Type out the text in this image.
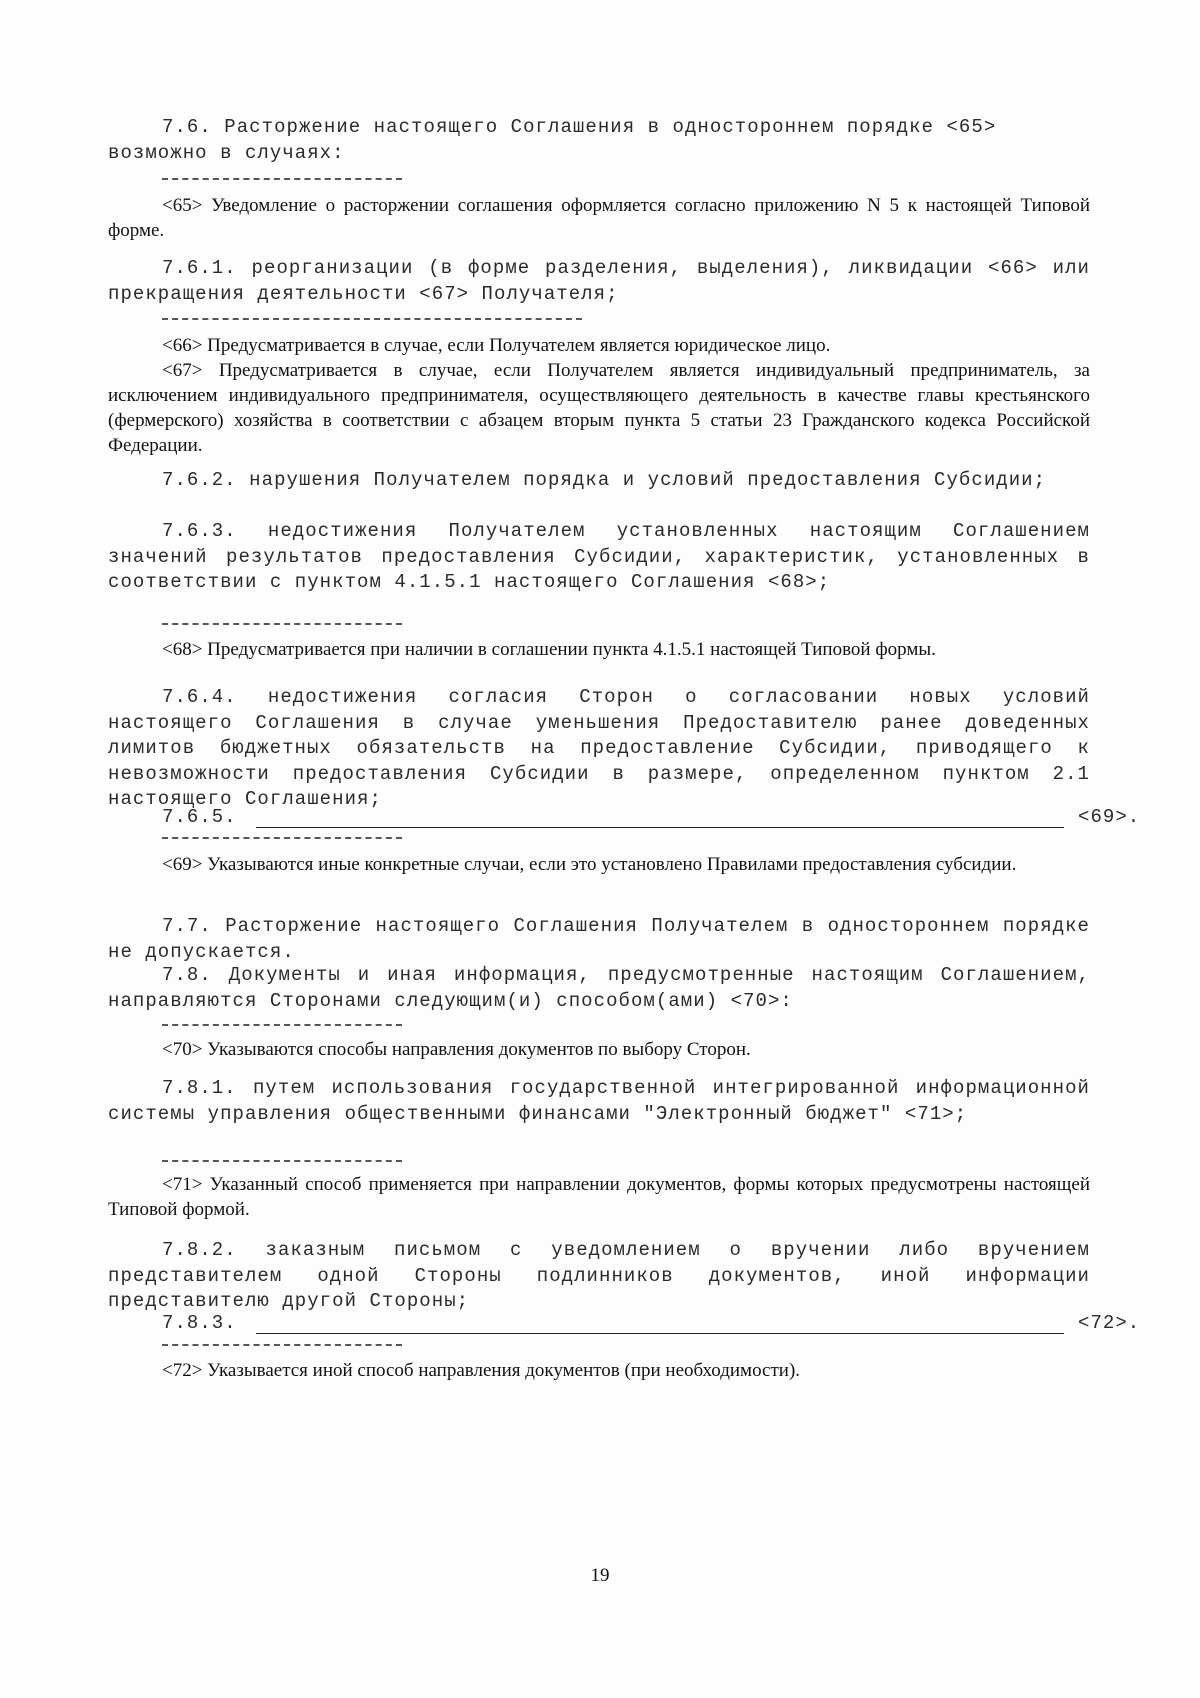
7.6. Расторжение настоящего Соглашения в одностороннем порядке <65>
возможно в случаях:

<65> Уведомление о расторжении соглашения оформляется согласно приложению N 5 к настоящей Типовой форме.

7.6.1. реорганизации (в форме разделения, выделения), ликвидации <66> или прекращения деятельности <67> Получателя;

<66> Предусматривается в случае, если Получателем является юридическое лицо.

<67> Предусматривается в случае, если Получателем является индивидуальный предприниматель, за исключением индивидуального предпринимателя, осуществляющего деятельность в качестве главы крестьянского (фермерского) хозяйства в соответствии с абзацем вторым пункта 5 статьи 23 Гражданского кодекса Российской Федерации.

7.6.2. нарушения Получателем порядка и условий предоставления Субсидии;

7.6.3. недостижения Получателем установленных настоящим Соглашением значений результатов предоставления Субсидии, характеристик, установленных в соответствии с пунктом 4.1.5.1 настоящего Соглашения <68>;

<68> Предусматривается при наличии в соглашении пункта 4.1.5.1 настоящей Типовой формы.

7.6.4. недостижения согласия Сторон о согласовании новых условий настоящего Соглашения в случае уменьшения Предоставителю ранее доведенных лимитов бюджетных обязательств на предоставление Субсидии, приводящего к невозможности предоставления Субсидии в размере, определенном пунктом 2.1 настоящего Соглашения;

7.6.5.	<69>.

<69> Указываются иные конкретные случаи, если это установлено Правилами предоставления субсидии.

7.7. Расторжение настоящего Соглашения Получателем в одностороннем порядке не допускается.

7.8. Документы и иная информация, предусмотренные настоящим Соглашением, направляются Сторонами следующим(и) способом(ами) <70>:

<70> Указываются способы направления документов по выбору Сторон.

7.8.1. путем использования государственной интегрированной информационной системы управления общественными финансами "Электронный бюджет" <71>;

<71> Указанный способ применяется при направлении документов, формы которых предусмотрены настоящей Типовой формой.

7.8.2. заказным письмом с уведомлением о вручении либо вручением представителем одной Стороны подлинников документов, иной информации представителю другой Стороны;

7.8.3.	<72>.

<72> Указывается иной способ направления документов (при необходимости).

19
